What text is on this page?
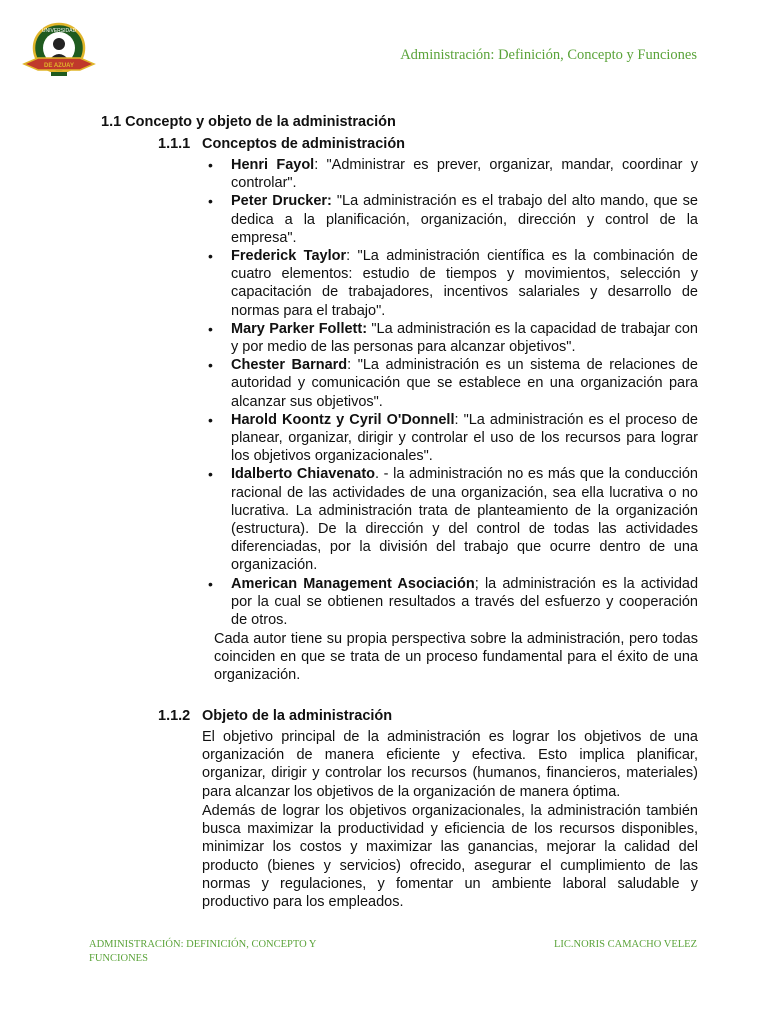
UNIVERSIDAD
DE AZUAY
Administración: Definición, Concepto y Funciones
1.1 Concepto y objeto de la administración
1.1.1 Conceptos de administración
• Henri Fayol: "Administrar es prever, organizar, mandar, coordinar y controlar".
• Peter Drucker: "La administración es el trabajo del alto mando, que se dedica a la planificación, organización, dirección y control de la empresa".
• Frederick Taylor: "La administración científica es la combinación de cuatro elementos: estudio de tiempos y movimientos, selección y capacitación de trabajadores, incentivos salariales y desarrollo de normas para el trabajo".
• Mary Parker Follett: "La administración es la capacidad de trabajar con y por medio de las personas para alcanzar objetivos".
• Chester Barnard: "La administración es un sistema de relaciones de autoridad y comunicación que se establece en una organización para alcanzar sus objetivos".
• Harold Koontz y Cyril O'Donnell: "La administración es el proceso de planear, organizar, dirigir y controlar el uso de los recursos para lograr los objetivos organizacionales".
• Idalberto Chiavenato. - la administración no es más que la conducción racional de las actividades de una organización, sea ella lucrativa o no lucrativa. La administración trata de planteamiento de la organización (estructura). De la dirección y del control de todas las actividades diferenciadas, por la división del trabajo que ocurre dentro de una organización.
• American Management Asociación; la administración es la actividad por la cual se obtienen resultados a través del esfuerzo y cooperación de otros.
Cada autor tiene su propia perspectiva sobre la administración, pero todas coinciden en que se trata de un proceso fundamental para el éxito de una organización.
1.1.2 Objeto de la administración
El objetivo principal de la administración es lograr los objetivos de una organización de manera eficiente y efectiva. Esto implica planificar, organizar, dirigir y controlar los recursos (humanos, financieros, materiales) para alcanzar los objetivos de la organización de manera óptima.
Además de lograr los objetivos organizacionales, la administración también busca maximizar la productividad y eficiencia de los recursos disponibles, minimizar los costos y maximizar las ganancias, mejorar la calidad del producto (bienes y servicios) ofrecido, asegurar el cumplimiento de las normas y regulaciones, y fomentar un ambiente laboral saludable y productivo para los empleados.
ADMINISTRACIÓN: DEFINICIÓN, CONCEPTO Y FUNCIONES
LIC.NORIS CAMACHO VELEZ
